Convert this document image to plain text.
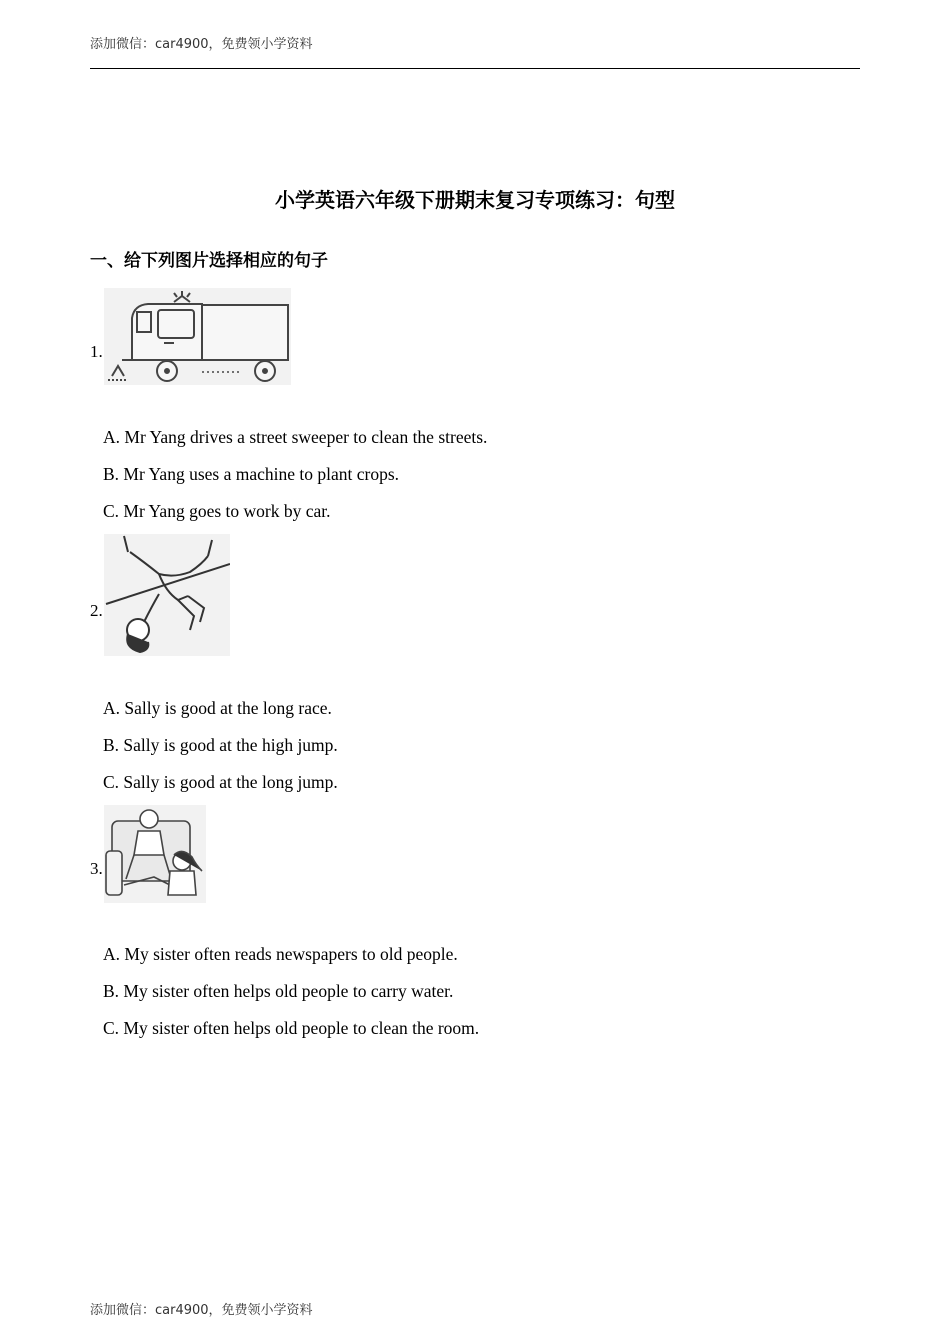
添加微信：car4900，免费领小学资料
小学英语六年级下册期末复习专项练习：句型
一、给下列图片选择相应的句子
1.
A. Mr Yang drives a street sweeper to clean the streets.
B. Mr Yang uses a machine to plant crops.
C. Mr Yang goes to work by car.
2.
A. Sally is good at the long race.
B. Sally is good at the high jump.
C. Sally is good at the long jump.
3.
A. My sister often reads newspapers to old people.
B. My sister often helps old people to carry water.
C. My sister often helps old people to clean the room.
添加微信：car4900，免费领小学资料
